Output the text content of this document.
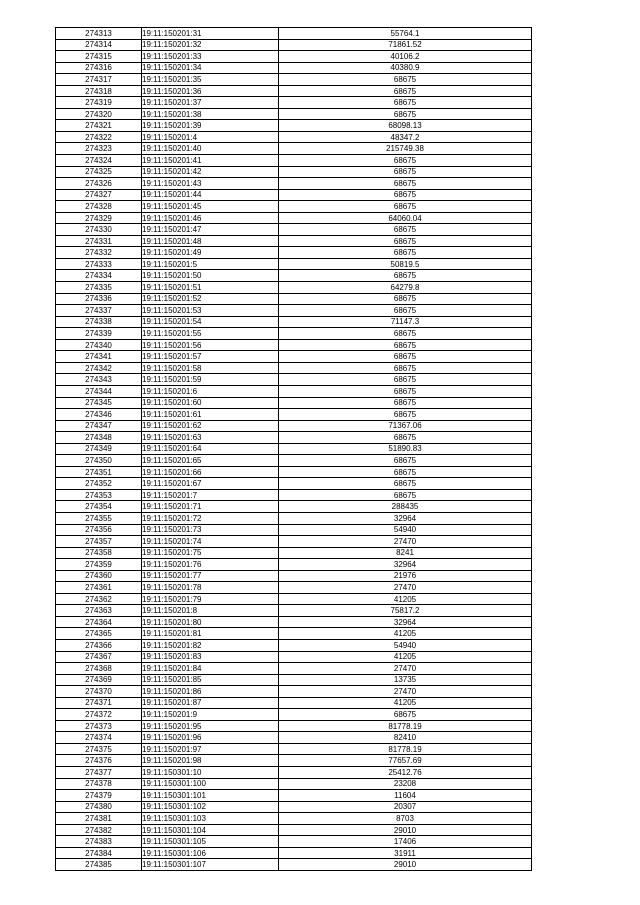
274313	19:11:150201:31	55764.1
274314	19:11:150201:32	71861.52
274315	19:11:150201:33	40106.2
274316	19:11:150201:34	40380.9
274317	19:11:150201:35	68675
274318	19:11:150201:36	68675
274319	19:11:150201:37	68675
274320	19:11:150201:38	68675
274321	19:11:150201:39	68098.13
274322	19:11:150201:4	48347.2
274323	19:11:150201:40	215749.38
274324	19:11:150201:41	68675
274325	19:11:150201:42	68675
274326	19:11:150201:43	68675
274327	19:11:150201:44	68675
274328	19:11:150201:45	68675
274329	19:11:150201:46	64060.04
274330	19:11:150201:47	68675
274331	19:11:150201:48	68675
274332	19:11:150201:49	68675
274333	19:11:150201:5	50819.5
274334	19:11:150201:50	68675
274335	19:11:150201:51	64279.8
274336	19:11:150201:52	68675
274337	19:11:150201:53	68675
274338	19:11:150201:54	71147.3
274339	19:11:150201:55	68675
274340	19:11:150201:56	68675
274341	19:11:150201:57	68675
274342	19:11:150201:58	68675
274343	19:11:150201:59	68675
274344	19:11:150201:6	68675
274345	19:11:150201:60	68675
274346	19:11:150201:61	68675
274347	19:11:150201:62	71367.06
274348	19:11:150201:63	68675
274349	19:11:150201:64	51890.83
274350	19:11:150201:65	68675
274351	19:11:150201:66	68675
274352	19:11:150201:67	68675
274353	19:11:150201:7	68675
274354	19:11:150201:71	288435
274355	19:11:150201:72	32964
274356	19:11:150201:73	54940
274357	19:11:150201:74	27470
274358	19:11:150201:75	8241
274359	19:11:150201:76	32964
274360	19:11:150201:77	21976
274361	19:11:150201:78	27470
274362	19:11:150201:79	41205
274363	19:11:150201:8	75817.2
274364	19:11:150201:80	32964
274365	19:11:150201:81	41205
274366	19:11:150201:82	54940
274367	19:11:150201:83	41205
274368	19:11:150201:84	27470
274369	19:11:150201:85	13735
274370	19:11:150201:86	27470
274371	19:11:150201:87	41205
274372	19:11:150201:9	68675
274373	19:11:150201:95	81778.19
274374	19:11:150201:96	82410
274375	19:11:150201:97	81778.19
274376	19:11:150201:98	77657.69
274377	19:11:150301:10	25412.76
274378	19:11:150301:100	23208
274379	19:11:150301:101	11604
274380	19:11:150301:102	20307
274381	19:11:150301:103	8703
274382	19:11:150301:104	29010
274383	19:11:150301:105	17406
274384	19:11:150301:106	31911
274385	19:11:150301:107	29010
